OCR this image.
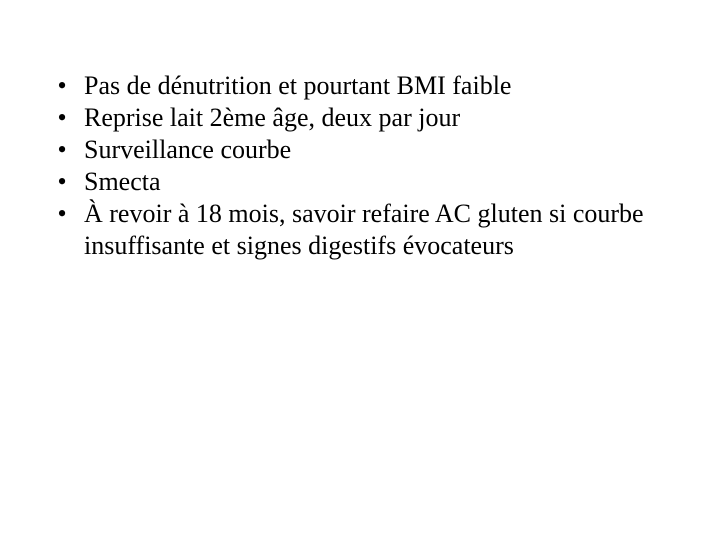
• Pas de dénutrition et pourtant BMI faible
• Reprise lait 2ème âge, deux par jour
• Surveillance courbe
• Smecta
• À revoir à 18 mois, savoir refaire AC gluten si courbe insuffisante et signes digestifs évocateurs
